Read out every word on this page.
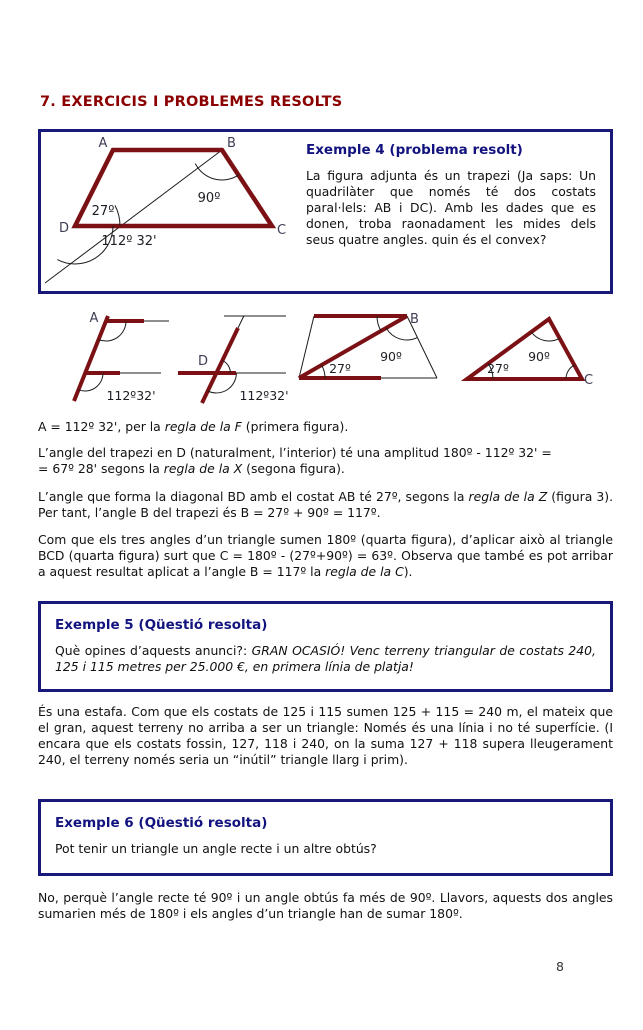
7. EXERCICIS I PROBLEMES RESOLTS
A	B
C
D
90º
27º
112º 32'

Exemple 4 (problema resolt)

La figura adjunta és un trapezi (Ja saps: Un quadrilàter que només té dos costats paral·lels: AB i DC). Amb les dades que es donen, troba raonadament les mides dels seus quatre angles. quin és el convex?

A
112º32'
D
112º32'
B
90º
27º
C
90º
27º

A = 112º 32', per la regla de la F (primera figura).

L’angle del trapezi en D (naturalment, l’interior) té una amplitud 180º - 112º 32' =
= 67º 28' segons la regla de la X (segona figura).

L’angle que forma la diagonal BD amb el costat AB té 27º, segons la regla de la Z (figura 3). Per tant, l’angle B del trapezi és B = 27º + 90º = 117º.

Com que els tres angles d’un triangle sumen 180º (quarta figura), d’aplicar això al triangle BCD (quarta figura) surt que C = 180º - (27º+90º) = 63º. Observa que també es pot arribar a aquest resultat aplicat a l’angle B = 117º la regla de la C).

Exemple 5 (Qüestió resolta)

Què opines d’aquests anunci?: GRAN OCASIÓ! Venc terreny triangular de costats 240, 125 i 115 metres per 25.000 €, en primera línia de platja!

És una estafa. Com que els costats de 125 i 115 sumen 125 + 115 = 240 m, el mateix que el gran, aquest terreny no arriba a ser un triangle: Només és una línia i no té superfície. (I encara que els costats fossin, 127, 118 i 240, on la suma 127 + 118 supera lleugerament 240, el terreny només seria un “inútil” triangle llarg i prim).

Exemple 6 (Qüestió resolta)

Pot tenir un triangle un angle recte i un altre obtús?

No, perquè l’angle recte té 90º i un angle obtús fa més de 90º. Llavors, aquests dos angles sumarien més de 180º i els angles d’un triangle han de sumar 180º.

8
